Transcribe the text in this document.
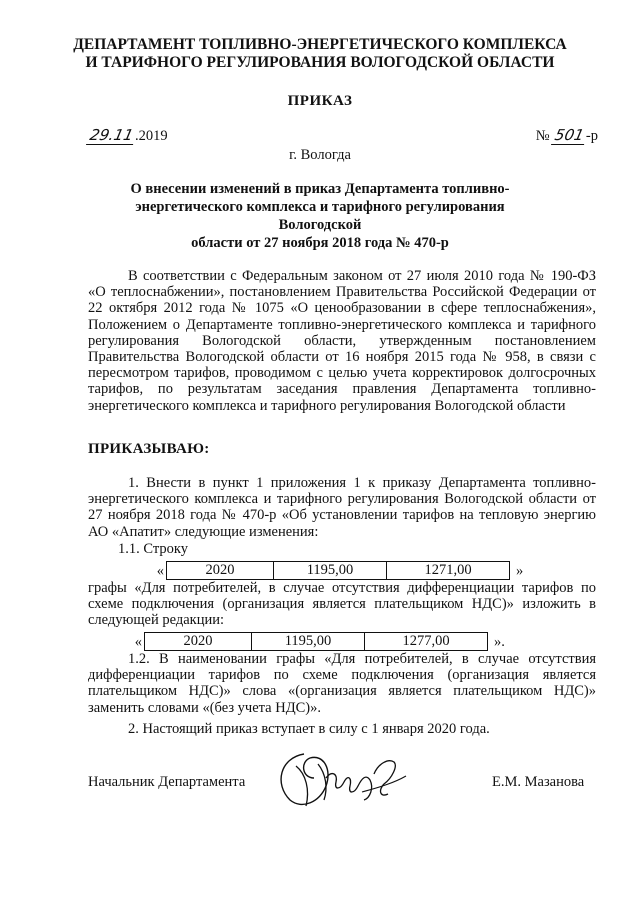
ДЕПАРТАМЕНТ ТОПЛИВНО-ЭНЕРГЕТИЧЕСКОГО КОМПЛЕКСА
И ТАРИФНОГО РЕГУЛИРОВАНИЯ ВОЛОГОДСКОЙ ОБЛАСТИ
ПРИКАЗ
29.11.2019	№ 501-р
г. Вологда
О внесении изменений в приказ Департамента топливно-
энергетического комплекса и тарифного регулирования Вологодской
области от 27 ноября 2018 года № 470-р
В соответствии с Федеральным законом от 27 июля 2010 года № 190-ФЗ «О теплоснабжении», постановлением Правительства Российской Федерации от 22 октября 2012 года № 1075 «О ценообразовании в сфере теплоснабжения», Положением о Департаменте топливно-энергетического комплекса и тарифного регулирования Вологодской области, утвержденным постановлением Правительства Вологодской области от 16 ноября 2015 года № 958, в связи с пересмотром тарифов, проводимом с целью учета корректировок долгосрочных тарифов, по результатам заседания правления Департамента топливно-энергетического комплекса и тарифного регулирования Вологодской области
ПРИКАЗЫВАЮ:
1. Внести в пункт 1 приложения 1 к приказу Департамента топливно-энергетического комплекса и тарифного регулирования Вологодской области от 27 ноября 2018 года № 470-р «Об установлении тарифов на тепловую энергию АО «Апатит» следующие изменения:
1.1. Строку
«	2020	1195,00	1271,00	»
графы «Для потребителей, в случае отсутствия дифференциации тарифов по схеме подключения (организация является плательщиком НДС)» изложить в следующей редакции:
«	2020	1195,00	1277,00	».
1.2. В наименовании графы «Для потребителей, в случае отсутствия дифференциации тарифов по схеме подключения (организация является плательщиком НДС)» слова «(организация является плательщиком НДС)» заменить словами «(без учета НДС)».
2. Настоящий приказ вступает в силу с 1 января 2020 года.
Начальник Департамента	Е.М. Мазанова
